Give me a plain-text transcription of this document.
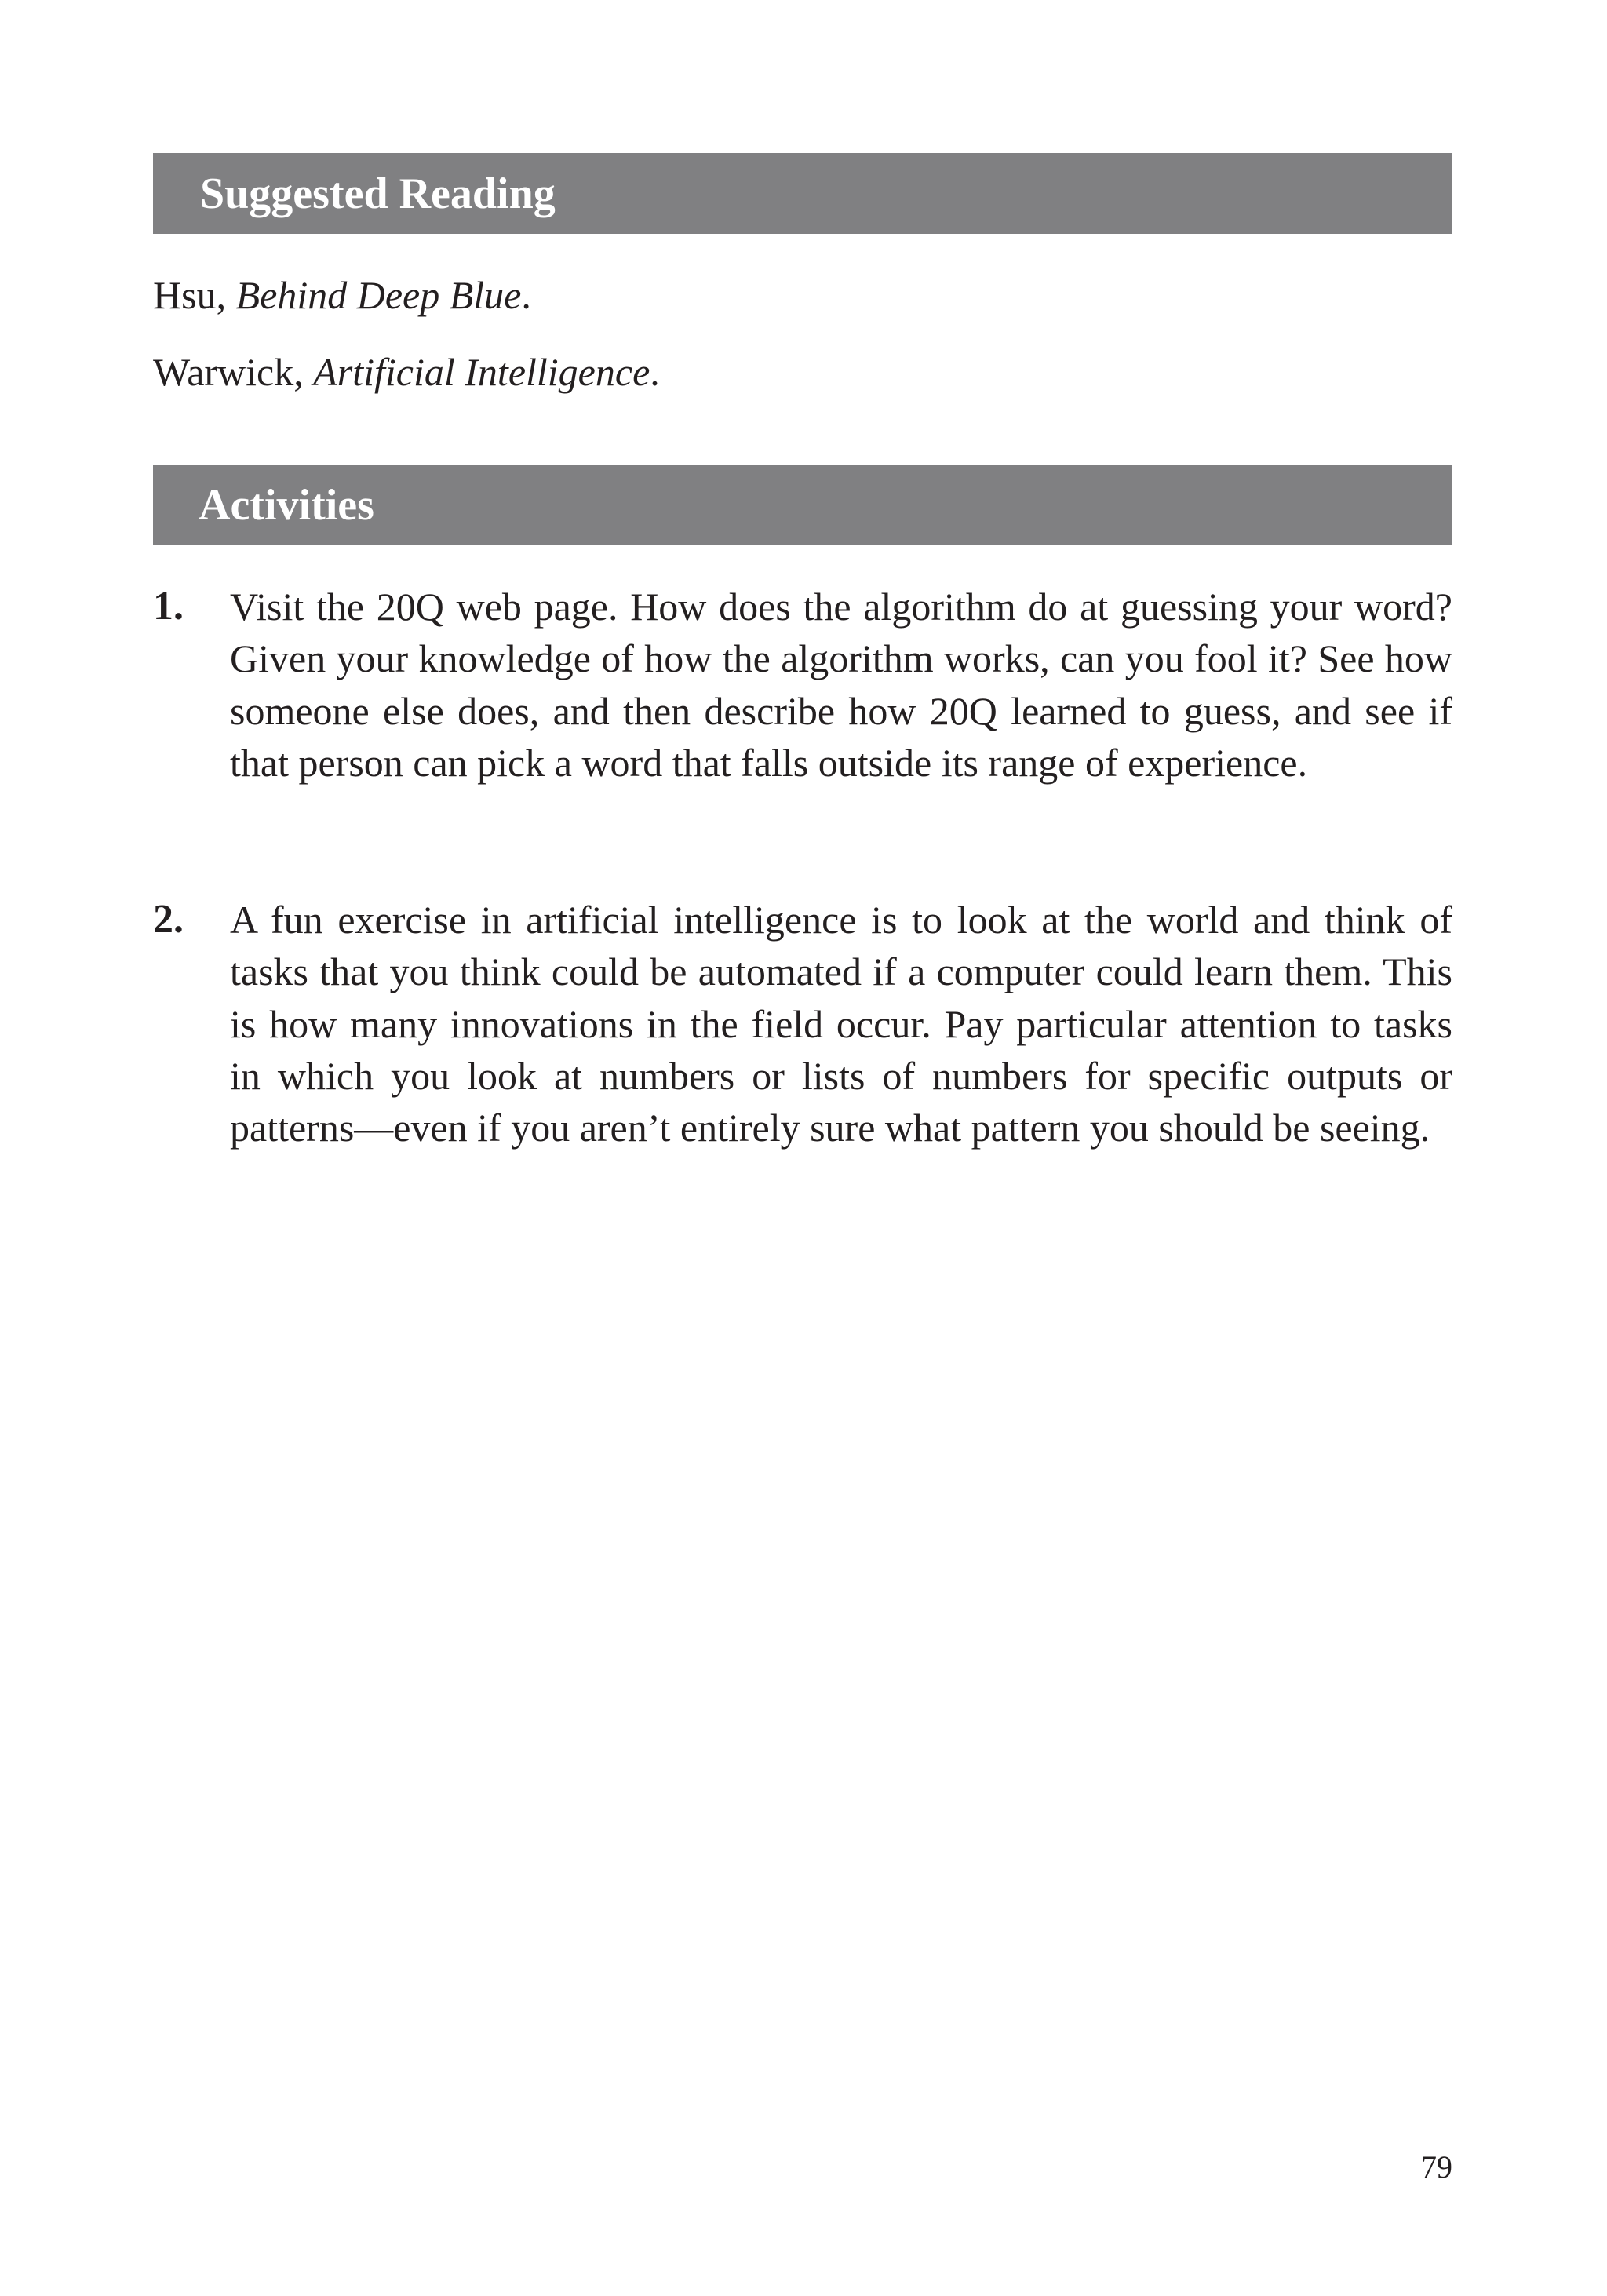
Suggested Reading
Hsu, Behind Deep Blue.
Warwick, Artificial Intelligence.
Activities
1. Visit the 20Q web page. How does the algorithm do at guessing your word? Given your knowledge of how the algorithm works, can you fool it? See how someone else does, and then describe how 20Q learned to guess, and see if that person can pick a word that falls outside its range of experience.
2. A fun exercise in artificial intelligence is to look at the world and think of tasks that you think could be automated if a computer could learn them. This is how many innovations in the field occur. Pay particular attention to tasks in which you look at numbers or lists of numbers for specific outputs or patterns—even if you aren’t entirely sure what pattern you should be seeing.
79
